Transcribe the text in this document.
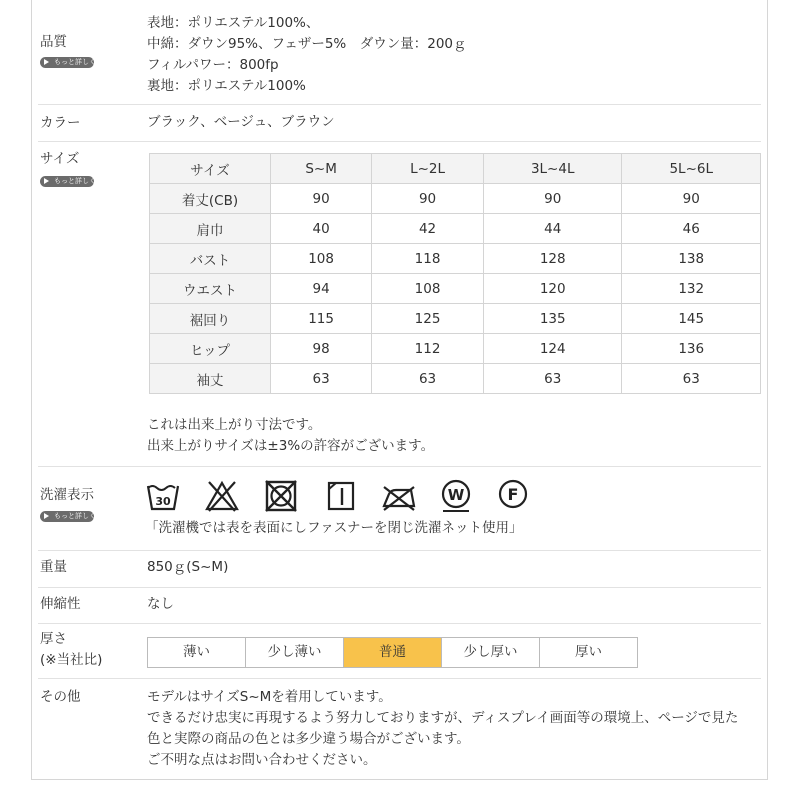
品質
もっと詳しく
表地：ポリエステル100%、
中綿：ダウン95%、フェザー5%　ダウン量：200ｇ
フィルパワー：800fp
裏地：ポリエステル100%
カラー	ブラック、ベージュ、ブラウン
サイズ
もっと詳しく
サイズ	S~M	L~2L	3L~4L	5L~6L
着丈(CB)	90	90	90	90
肩巾	40	42	44	46
バスト	108	118	128	138
ウエスト	94	108	120	132
裾回り	115	125	135	145
ヒップ	98	112	124	136
袖丈	63	63	63	63
これは出来上がり寸法です。
出来上がりサイズは±3%の許容がございます。
洗濯表示
もっと詳しく
30	W	F
「洗濯機では表を表面にしファスナーを閉じ洗濯ネット使用」
重量	850ｇ(S~M)
伸縮性	なし
厚さ
(※当社比)	薄い	少し薄い	普通	少し厚い	厚い
その他	モデルはサイズS~Mを着用しています。
できるだけ忠実に再現するよう努力しておりますが、ディスプレイ画面等の環境上、ページで見た
色と実際の商品の色とは多少違う場合がございます。
ご不明な点はお問い合わせください。
